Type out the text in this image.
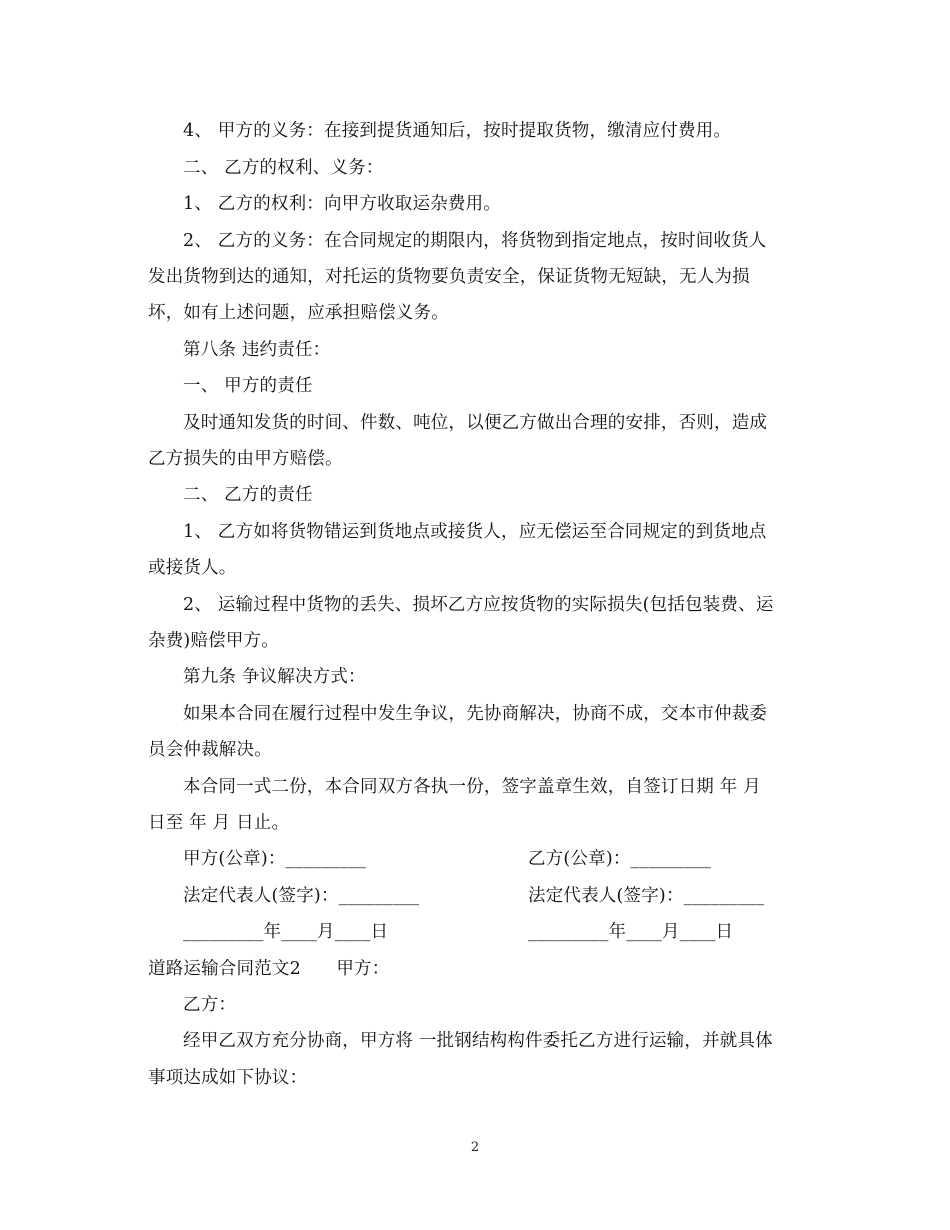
4、 甲方的义务：在接到提货通知后，按时提取货物，缴清应付费用。
二、 乙方的权利、义务：
1、 乙方的权利：向甲方收取运杂费用。
2、 乙方的义务：在合同规定的期限内，将货物到指定地点，按时间收货人
发出货物到达的通知，对托运的货物要负责安全，保证货物无短缺，无人为损
坏，如有上述问题，应承担赔偿义务。
第八条 违约责任：
一、 甲方的责任
及时通知发货的时间、件数、吨位，以便乙方做出合理的安排，否则，造成
乙方损失的由甲方赔偿。
二、 乙方的责任
1、 乙方如将货物错运到货地点或接货人，应无偿运至合同规定的到货地点
或接货人。
2、 运输过程中货物的丢失、损坏乙方应按货物的实际损失(包括包装费、运
杂费)赔偿甲方。
第九条 争议解决方式：
如果本合同在履行过程中发生争议，先协商解决，协商不成，交本市仲裁委
员会仲裁解决。
本合同一式二份，本合同双方各执一份，签字盖章生效，自签订日期 年 月
日至 年 月 日止。
甲方(公章)：_________	乙方(公章)：_________
法定代表人(签字)：_________	法定代表人(签字)：_________
_________年____月____日	_________年____月____日
道路运输合同范文2　　甲方：
乙方：
经甲乙双方充分协商，甲方将 一批钢结构构件委托乙方进行运输，并就具体
事项达成如下协议：
2
